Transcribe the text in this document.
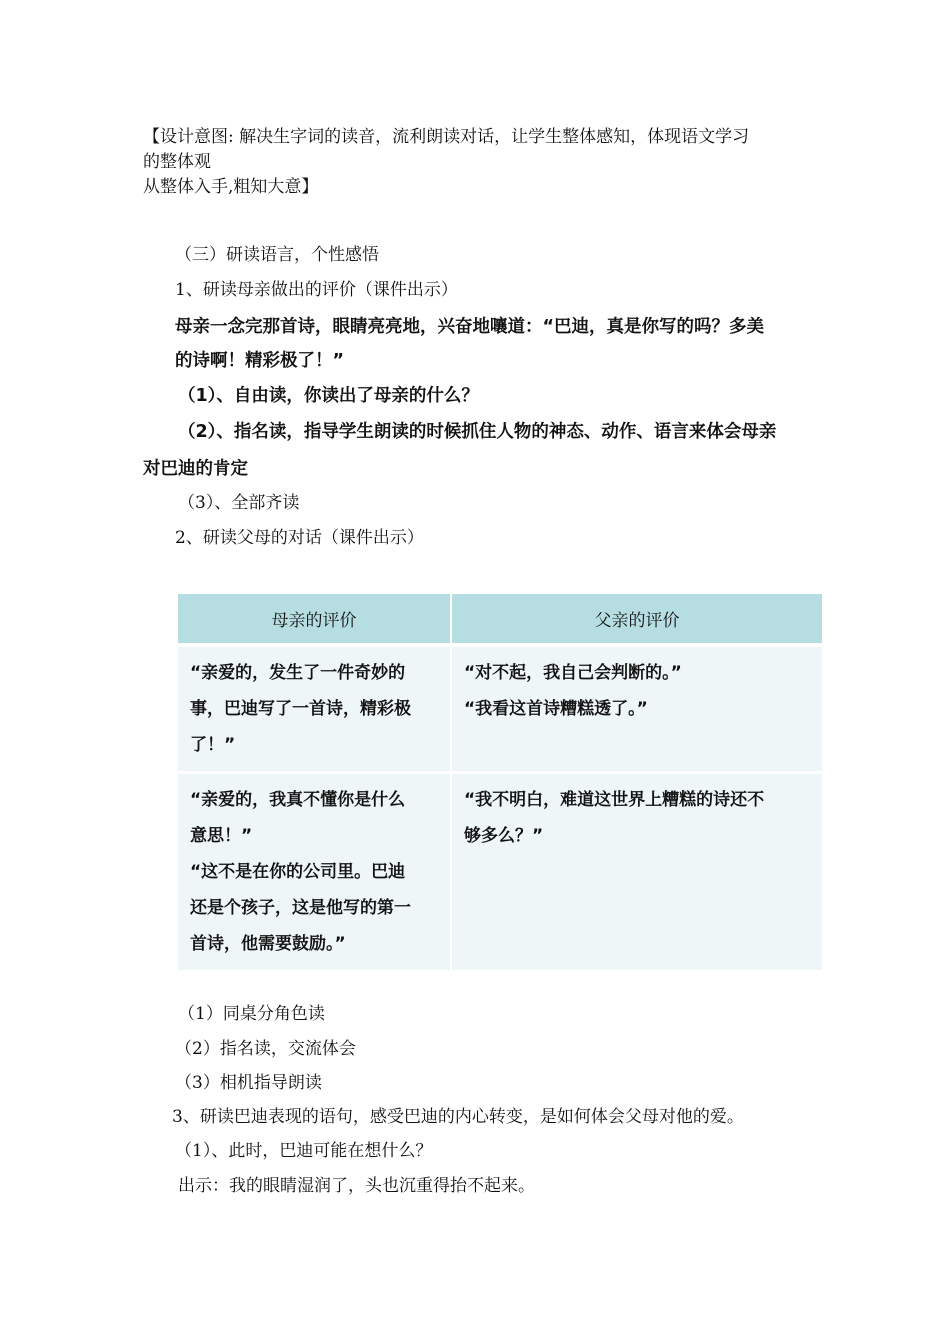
【设计意图: 解决生字词的读音，流利朗读对话，让学生整体感知，体现语文学习
的整体观
从整体入手,粗知大意】
（三）研读语言，个性感悟
1、研读母亲做出的评价（课件出示）
母亲一念完那首诗，眼睛亮亮地，兴奋地嚷道：“巴迪，真是你写的吗？多美
的诗啊！精彩极了！”
（1）、自由读，你读出了母亲的什么？
（2）、指名读，指导学生朗读的时候抓住人物的神态、动作、语言来体会母亲
对巴迪的肯定
（3）、全部齐读
2、研读父母的对话（课件出示）
母亲的评价	父亲的评价

“亲爱的，发生了一件奇妙的
事，巴迪写了一首诗，精彩极
了！”	“对不起，我自己会判断的。”
“我看这首诗糟糕透了。”

“亲爱的，我真不懂你是什么
意思！”
“这不是在你的公司里。巴迪
还是个孩子，这是他写的第一
首诗，他需要鼓励。”	“我不明白，难道这世界上糟糕的诗还不
够多么？”
（1）同桌分角色读
（2）指名读，交流体会
（3）相机指导朗读
3、研读巴迪表现的语句，感受巴迪的内心转变，是如何体会父母对他的爱。
（1）、此时，巴迪可能在想什么？
出示：我的眼睛湿润了，头也沉重得抬不起来。
